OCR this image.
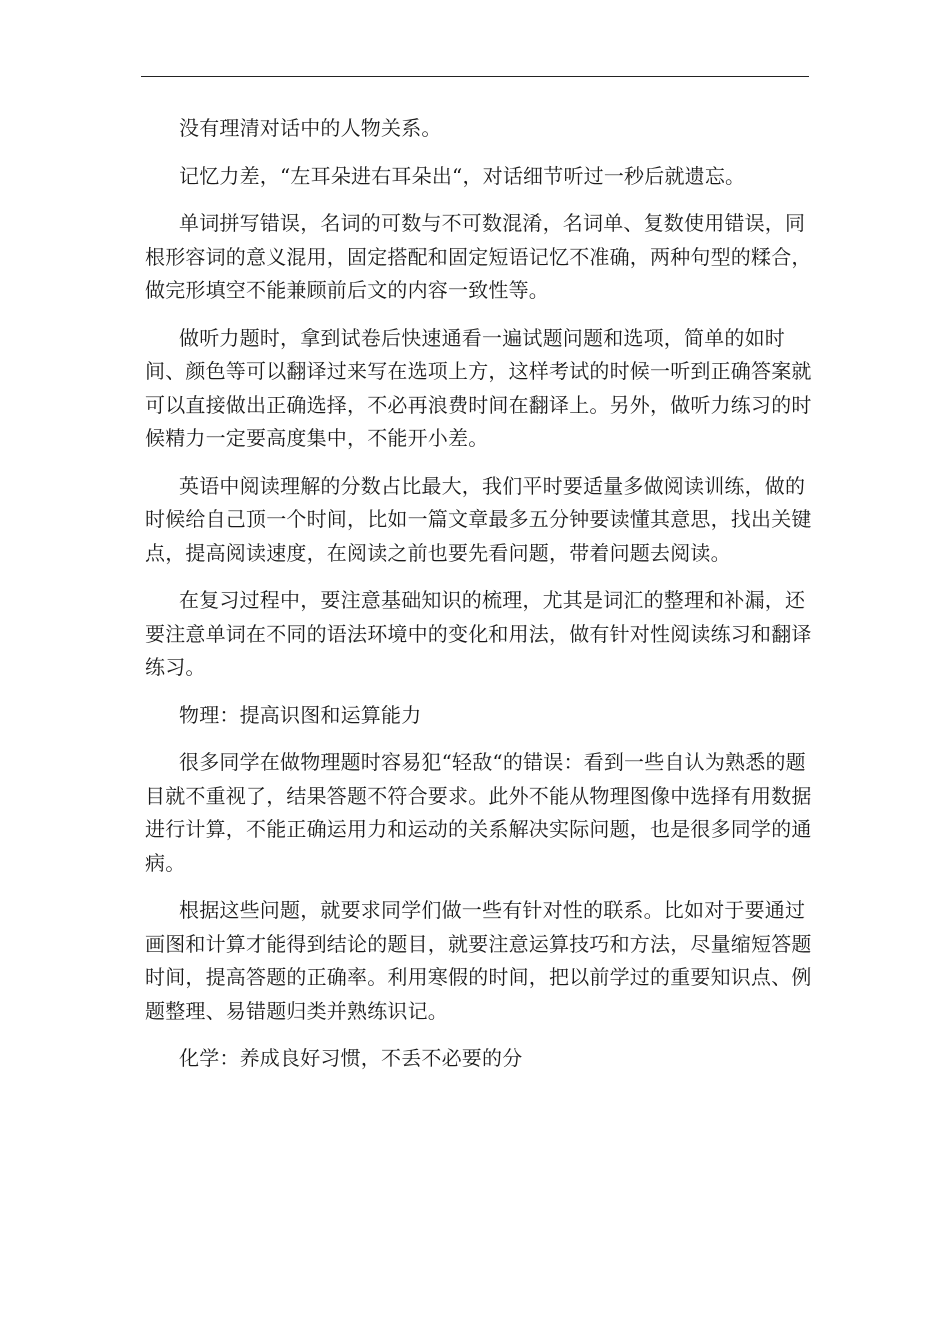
没有理清对话中的人物关系。

记忆力差，“左耳朵进右耳朵出“，对话细节听过一秒后就遗忘。

单词拼写错误，名词的可数与不可数混淆，名词单、复数使用错误，同根形容词的意义混用，固定搭配和固定短语记忆不准确，两种句型的糅合，做完形填空不能兼顾前后文的内容一致性等。

做听力题时，拿到试卷后快速通看一遍试题问题和选项，简单的如时间、颜色等可以翻译过来写在选项上方，这样考试的时候一听到正确答案就可以直接做出正确选择，不必再浪费时间在翻译上。另外，做听力练习的时候精力一定要高度集中，不能开小差。

英语中阅读理解的分数占比最大，我们平时要适量多做阅读训练，做的时候给自己顶一个时间，比如一篇文章最多五分钟要读懂其意思，找出关键点，提高阅读速度，在阅读之前也要先看问题，带着问题去阅读。

在复习过程中，要注意基础知识的梳理，尤其是词汇的整理和补漏，还要注意单词在不同的语法环境中的变化和用法，做有针对性阅读练习和翻译练习。

物理：提高识图和运算能力

很多同学在做物理题时容易犯“轻敌“的错误：看到一些自认为熟悉的题目就不重视了，结果答题不符合要求。此外不能从物理图像中选择有用数据进行计算，不能正确运用力和运动的关系解决实际问题，也是很多同学的通病。

根据这些问题，就要求同学们做一些有针对性的联系。比如对于要通过画图和计算才能得到结论的题目，就要注意运算技巧和方法，尽量缩短答题时间，提高答题的正确率。利用寒假的时间，把以前学过的重要知识点、例题整理、易错题归类并熟练识记。

化学：养成良好习惯，不丢不必要的分
